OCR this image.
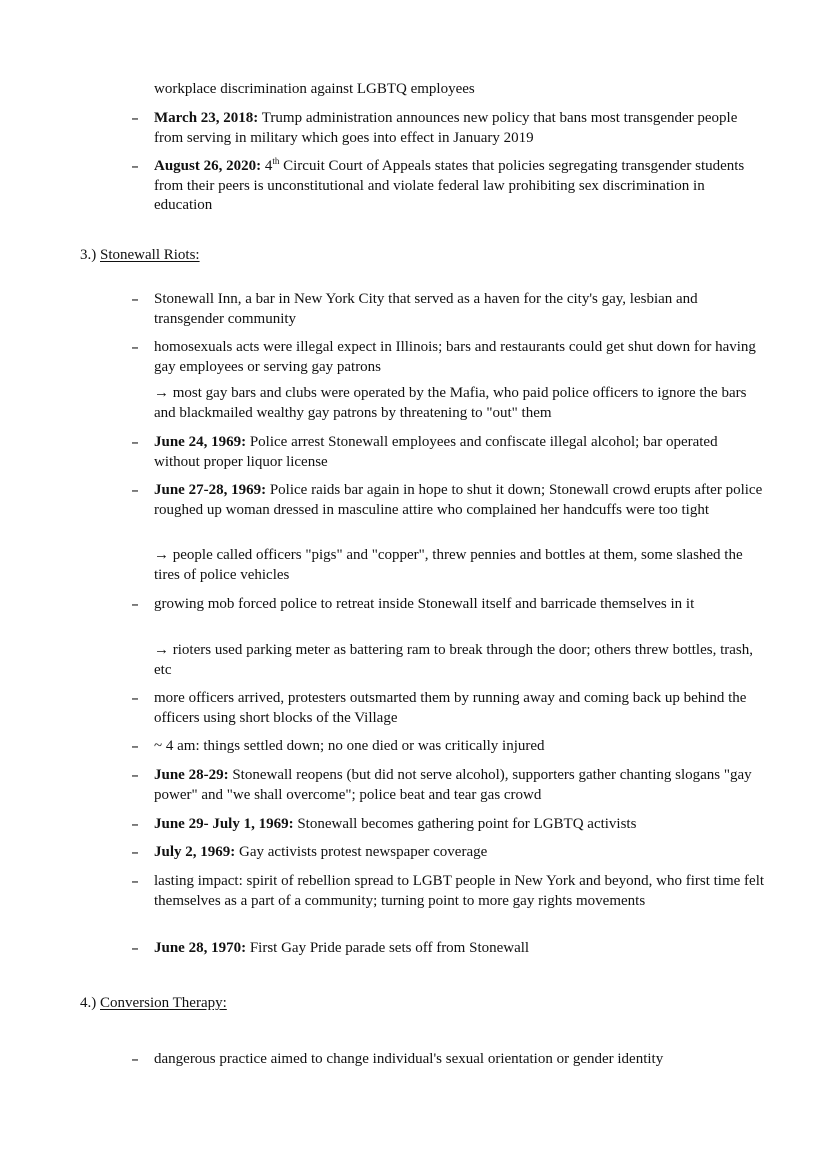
workplace discrimination against LGBTQ employees
– March 23, 2018: Trump administration announces new policy that bans most transgender people from serving in military which goes into effect in January 2019
– August 26, 2020: 4th Circuit Court of Appeals states that policies segregating transgender students from their peers is unconstitutional and violate federal law prohibiting sex discrimination in education
3.) Stonewall Riots:
– Stonewall Inn, a bar in New York City that served as a haven for the city's gay, lesbian and transgender community
– homosexuals acts were illegal expect in Illinois; bars and restaurants could get shut down for having gay employees or serving gay patrons
→ most gay bars and clubs were operated by the Mafia, who paid police officers to ignore the bars and blackmailed wealthy gay patrons by threatening to "out" them
– June 24, 1969: Police arrest Stonewall employees and confiscate illegal alcohol; bar operated without proper liquor license
– June 27-28, 1969: Police raids bar again in hope to shut it down; Stonewall crowd erupts after police roughed up woman dressed in masculine attire who complained her handcuffs were too tight
→ people called officers "pigs" and "copper", threw pennies and bottles at them, some slashed the tires of police vehicles
– growing mob forced police to retreat inside Stonewall itself and barricade themselves in it
→ rioters used parking meter as battering ram to break through the door; others threw bottles, trash, etc
– more officers arrived, protesters outsmarted them by running away and coming back up behind the officers using short blocks of the Village
– ~ 4 am: things settled down; no one died or was critically injured
– June 28-29: Stonewall reopens (but did not serve alcohol), supporters gather chanting slogans "gay power" and "we shall overcome"; police beat and tear gas crowd
– June 29- July 1, 1969: Stonewall becomes gathering point for LGBTQ activists
– July 2, 1969: Gay activists protest newspaper coverage
– lasting impact: spirit of rebellion spread to LGBT people in New York and beyond, who first time felt themselves as a part of a community; turning point to more gay rights movements
– June 28, 1970: First Gay Pride parade sets off from Stonewall
4.) Conversion Therapy:
– dangerous practice aimed to change individual's sexual orientation or gender identity
